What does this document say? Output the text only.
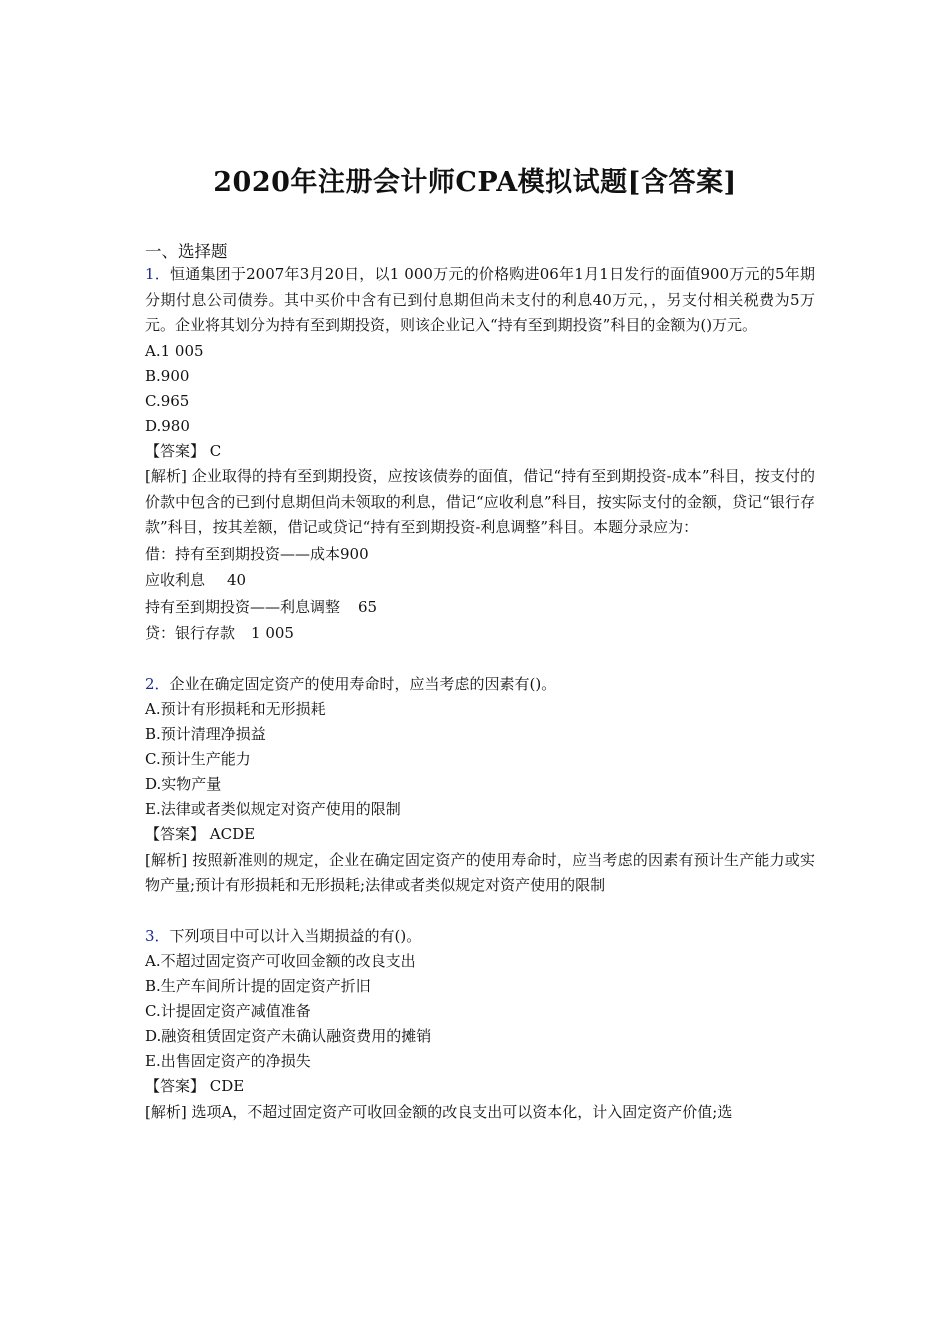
2020年注册会计师CPA模拟试题[含答案]
一、选择题

1．恒通集团于2007年3月20日，以1 000万元的价格购进06年1月1日发行的面值900万元的5年期分期付息公司债券。其中买价中含有已到付息期但尚未支付的利息40万元，，另支付相关税费为5万元。企业将其划分为持有至到期投资，则该企业记入“持有至到期投资”科目的金额为()万元。

A.1 005

B.900

C.965

D.980

【答案】 C

[解析] 企业取得的持有至到期投资，应按该债券的面值，借记“持有至到期投资-成本”科目，按支付的价款中包含的已到付息期但尚未领取的利息，借记“应收利息”科目，按实际支付的金额，贷记“银行存款”科目，按其差额，借记或贷记“持有至到期投资-利息调整”科目。本题分录应为：

借：持有至到期投资——成本900

应收利息 40

持有至到期投资——利息调整 65

贷：银行存款 1 005

2．企业在确定固定资产的使用寿命时，应当考虑的因素有()。

A.预计有形损耗和无形损耗

B.预计清理净损益

C.预计生产能力

D.实物产量

E.法律或者类似规定对资产使用的限制

【答案】 ACDE

[解析] 按照新准则的规定，企业在确定固定资产的使用寿命时，应当考虑的因素有预计生产能力或实物产量;预计有形损耗和无形损耗;法律或者类似规定对资产使用的限制

3．下列项目中可以计入当期损益的有()。

A.不超过固定资产可收回金额的改良支出

B.生产车间所计提的固定资产折旧

C.计提固定资产减值准备

D.融资租赁固定资产未确认融资费用的摊销

E.出售固定资产的净损失

【答案】 CDE

[解析] 选项A，不超过固定资产可收回金额的改良支出可以资本化，计入固定资产价值;选
